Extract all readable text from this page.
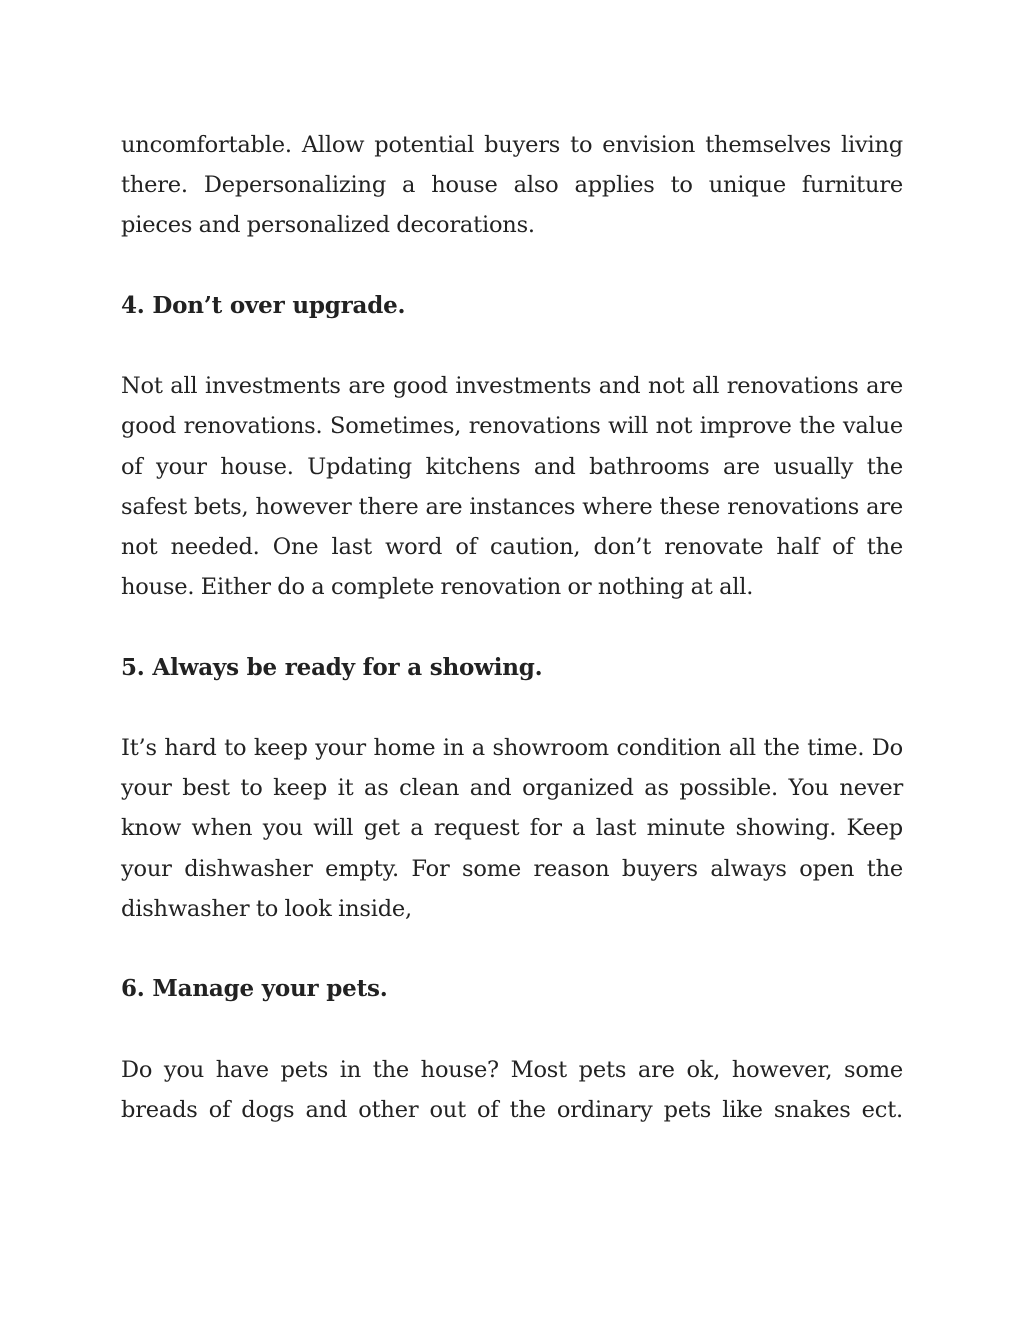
uncomfortable. Allow potential buyers to envision themselves living there. Depersonalizing a house also applies to unique furniture pieces and personalized decorations.

4. Don’t over upgrade.

Not all investments are good investments and not all renovations are good renovations. Sometimes, renovations will not improve the value of your house. Updating kitchens and bathrooms are usually the safest bets, however there are instances where these renovations are not needed. One last word of caution, don’t renovate half of the house. Either do a complete renovation or nothing at all.

5. Always be ready for a showing.

It’s hard to keep your home in a showroom condition all the time. Do your best to keep it as clean and organized as possible. You never know when you will get a request for a last minute showing. Keep your dishwasher empty. For some reason buyers always open the dishwasher to look inside,

6. Manage your pets.

Do you have pets in the house? Most pets are ok, however, some breads of dogs and other out of the ordinary pets like snakes ect.
